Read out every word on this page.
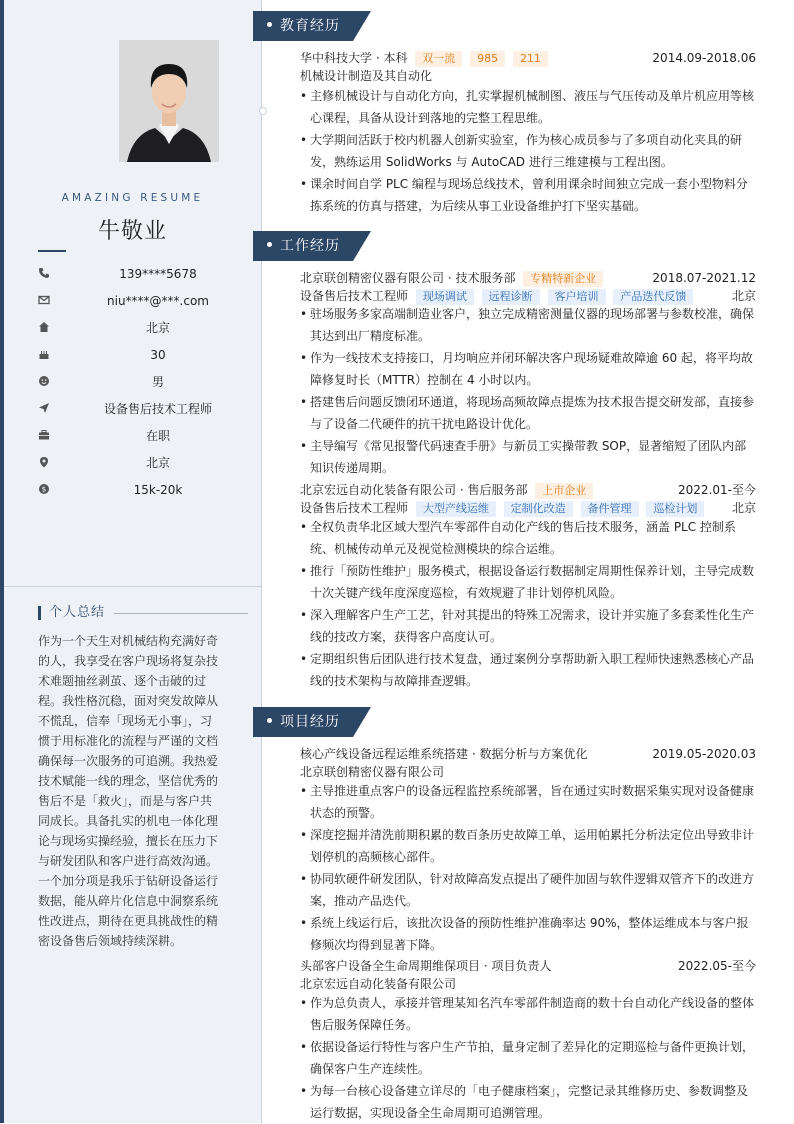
AMAZING RESUME
牛敬业
139****5678
niu****@***.com
北京
30
男
设备售后技术工程师
在职
北京
$	15k-20k
个人总结
作为一个天生对机械结构充满好奇的人，我享受在客户现场将复杂技术难题抽丝剥茧、逐个击破的过程。我性格沉稳，面对突发故障从不慌乱，信奉「现场无小事」，习惯于用标准化的流程与严谨的文档确保每一次服务的可追溯。我热爱技术赋能一线的理念，坚信优秀的售后不是「救火」，而是与客户共同成长。具备扎实的机电一体化理论与现场实操经验，擅长在压力下与研发团队和客户进行高效沟通。一个加分项是我乐于钻研设备运行数据，能从碎片化信息中洞察系统性改进点，期待在更具挑战性的精密设备售后领域持续深耕。
教育经历
华中科技大学 · 本科 双一流 985 211	2014.09-2018.06
机械设计制造及其自动化
• 主修机械设计与自动化方向，扎实掌握机械制图、液压与气压传动及单片机应用等核心课程，具备从设计到落地的完整工程思维。
• 大学期间活跃于校内机器人创新实验室，作为核心成员参与了多项自动化夹具的研发，熟练运用 SolidWorks 与 AutoCAD 进行三维建模与工程出图。
• 课余时间自学 PLC 编程与现场总线技术，曾利用课余时间独立完成一套小型物料分拣系统的仿真与搭建，为后续从事工业设备维护打下坚实基础。
工作经历
北京联创精密仪器有限公司 · 技术服务部 专精特新企业	2018.07-2021.12
设备售后技术工程师 现场调试 远程诊断 客户培训 产品迭代反馈	北京
• 驻场服务多家高端制造业客户，独立完成精密测量仪器的现场部署与参数校准，确保其达到出厂精度标准。
• 作为一线技术支持接口，月均响应并闭环解决客户现场疑难故障逾 60 起，将平均故障修复时长（MTTR）控制在 4 小时以内。
• 搭建售后问题反馈闭环通道，将现场高频故障点提炼为技术报告提交研发部，直接参与了设备二代硬件的抗干扰电路设计优化。
• 主导编写《常见报警代码速查手册》与新员工实操带教 SOP，显著缩短了团队内部知识传递周期。
北京宏远自动化装备有限公司 · 售后服务部 上市企业	2022.01-至今
设备售后技术工程师 大型产线运维 定制化改造 备件管理 巡检计划	北京
• 全权负责华北区域大型汽车零部件自动化产线的售后技术服务，涵盖 PLC 控制系统、机械传动单元及视觉检测模块的综合运维。
• 推行「预防性维护」服务模式，根据设备运行数据制定周期性保养计划，主导完成数十次关键产线年度深度巡检，有效规避了非计划停机风险。
• 深入理解客户生产工艺，针对其提出的特殊工况需求，设计并实施了多套柔性化生产线的技改方案，获得客户高度认可。
• 定期组织售后团队进行技术复盘，通过案例分享帮助新入职工程师快速熟悉核心产品线的技术架构与故障排查逻辑。
项目经历
核心产线设备远程运维系统搭建 · 数据分析与方案优化	2019.05-2020.03
北京联创精密仪器有限公司
• 主导推进重点客户的设备远程监控系统部署，旨在通过实时数据采集实现对设备健康状态的预警。
• 深度挖掘并清洗前期积累的数百条历史故障工单，运用帕累托分析法定位出导致非计划停机的高频核心部件。
• 协同软硬件研发团队，针对故障高发点提出了硬件加固与软件逻辑双管齐下的改进方案，推动产品迭代。
• 系统上线运行后，该批次设备的预防性维护准确率达 90%，整体运维成本与客户报修频次均得到显著下降。
头部客户设备全生命周期维保项目 · 项目负责人	2022.05-至今
北京宏远自动化装备有限公司
• 作为总负责人，承接并管理某知名汽车零部件制造商的数十台自动化产线设备的整体售后服务保障任务。
• 依据设备运行特性与客户生产节拍，量身定制了差异化的定期巡检与备件更换计划，确保客户生产连续性。
• 为每一台核心设备建立详尽的「电子健康档案」，完整记录其维修历史、参数调整及运行数据，实现设备全生命周期可追溯管理。
